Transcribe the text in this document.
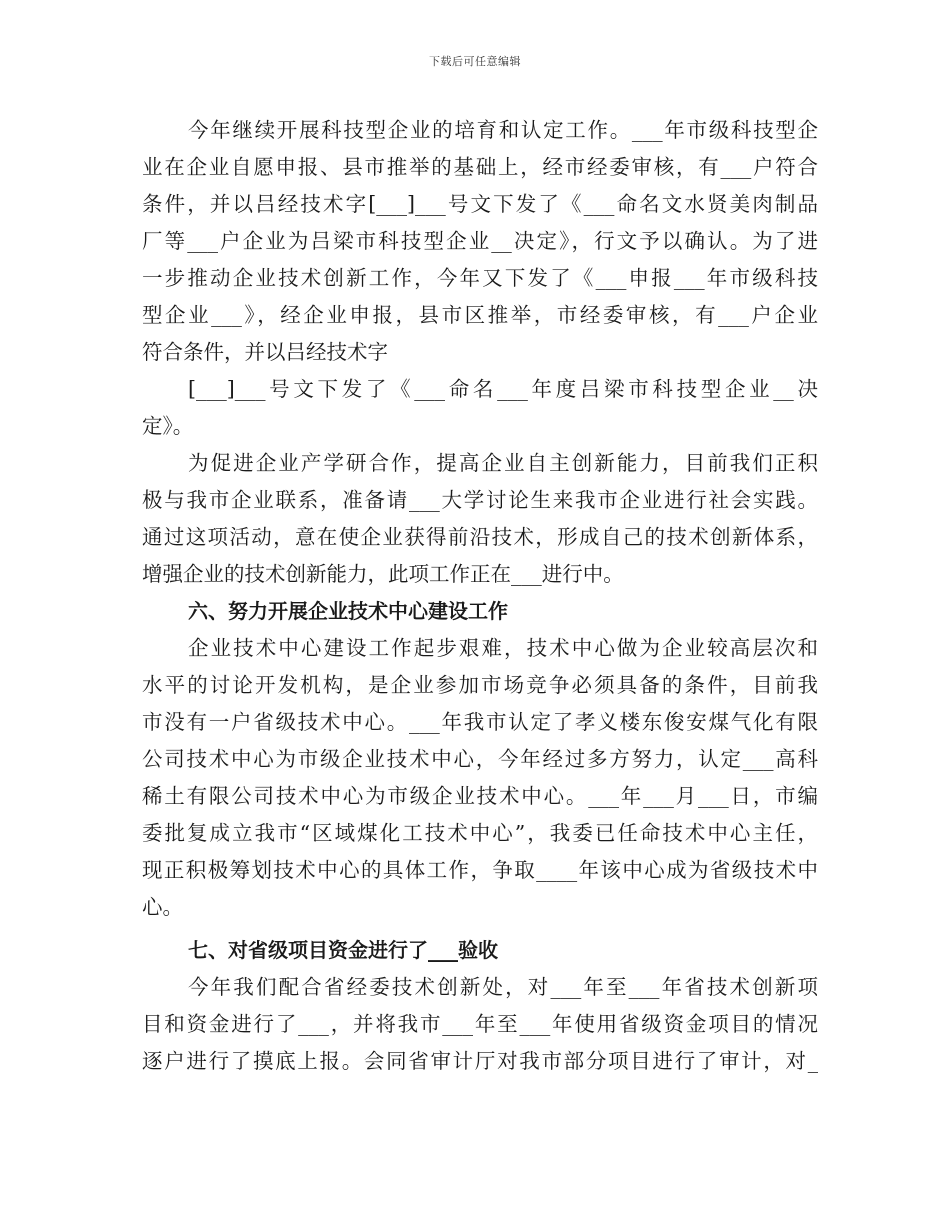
下载后可任意编辑
今年继续开展科技型企业的培育和认定工作。___年市级科技型企
业在企业自愿申报、县市推举的基础上，经市经委审核，有___户符合
条件，并以吕经技术字[___]___号文下发了《___命名文水贤美肉制品
厂等___户企业为吕梁市科技型企业__决定》，行文予以确认。为了进
一步推动企业技术创新工作，今年又下发了《___申报___年市级科技
型企业___》，经企业申报，县市区推举，市经委审核，有___户企业
符合条件，并以吕经技术字
[___]___号文下发了《___命名___年度吕梁市科技型企业__决
定》。
为促进企业产学研合作，提高企业自主创新能力，目前我们正积
极与我市企业联系，准备请___大学讨论生来我市企业进行社会实践。
通过这项活动，意在使企业获得前沿技术，形成自己的技术创新体系，
增强企业的技术创新能力，此项工作正在___进行中。
六、努力开展企业技术中心建设工作
企业技术中心建设工作起步艰难，技术中心做为企业较高层次和
水平的讨论开发机构，是企业参加市场竞争必须具备的条件，目前我
市没有一户省级技术中心。___年我市认定了孝义楼东俊安煤气化有限
公司技术中心为市级企业技术中心，今年经过多方努力，认定___高科
稀土有限公司技术中心为市级企业技术中心。___年___月___日，市编
委批复成立我市“区域煤化工技术中心”，我委已任命技术中心主任，
现正积极筹划技术中心的具体工作，争取____年该中心成为省级技术中
心。
七、对省级项目资金进行了___验收
今年我们配合省经委技术创新处，对___年至___年省技术创新项
目和资金进行了___，并将我市___年至___年使用省级资金项目的情况
逐户进行了摸底上报。会同省审计厅对我市部分项目进行了审计，对_
